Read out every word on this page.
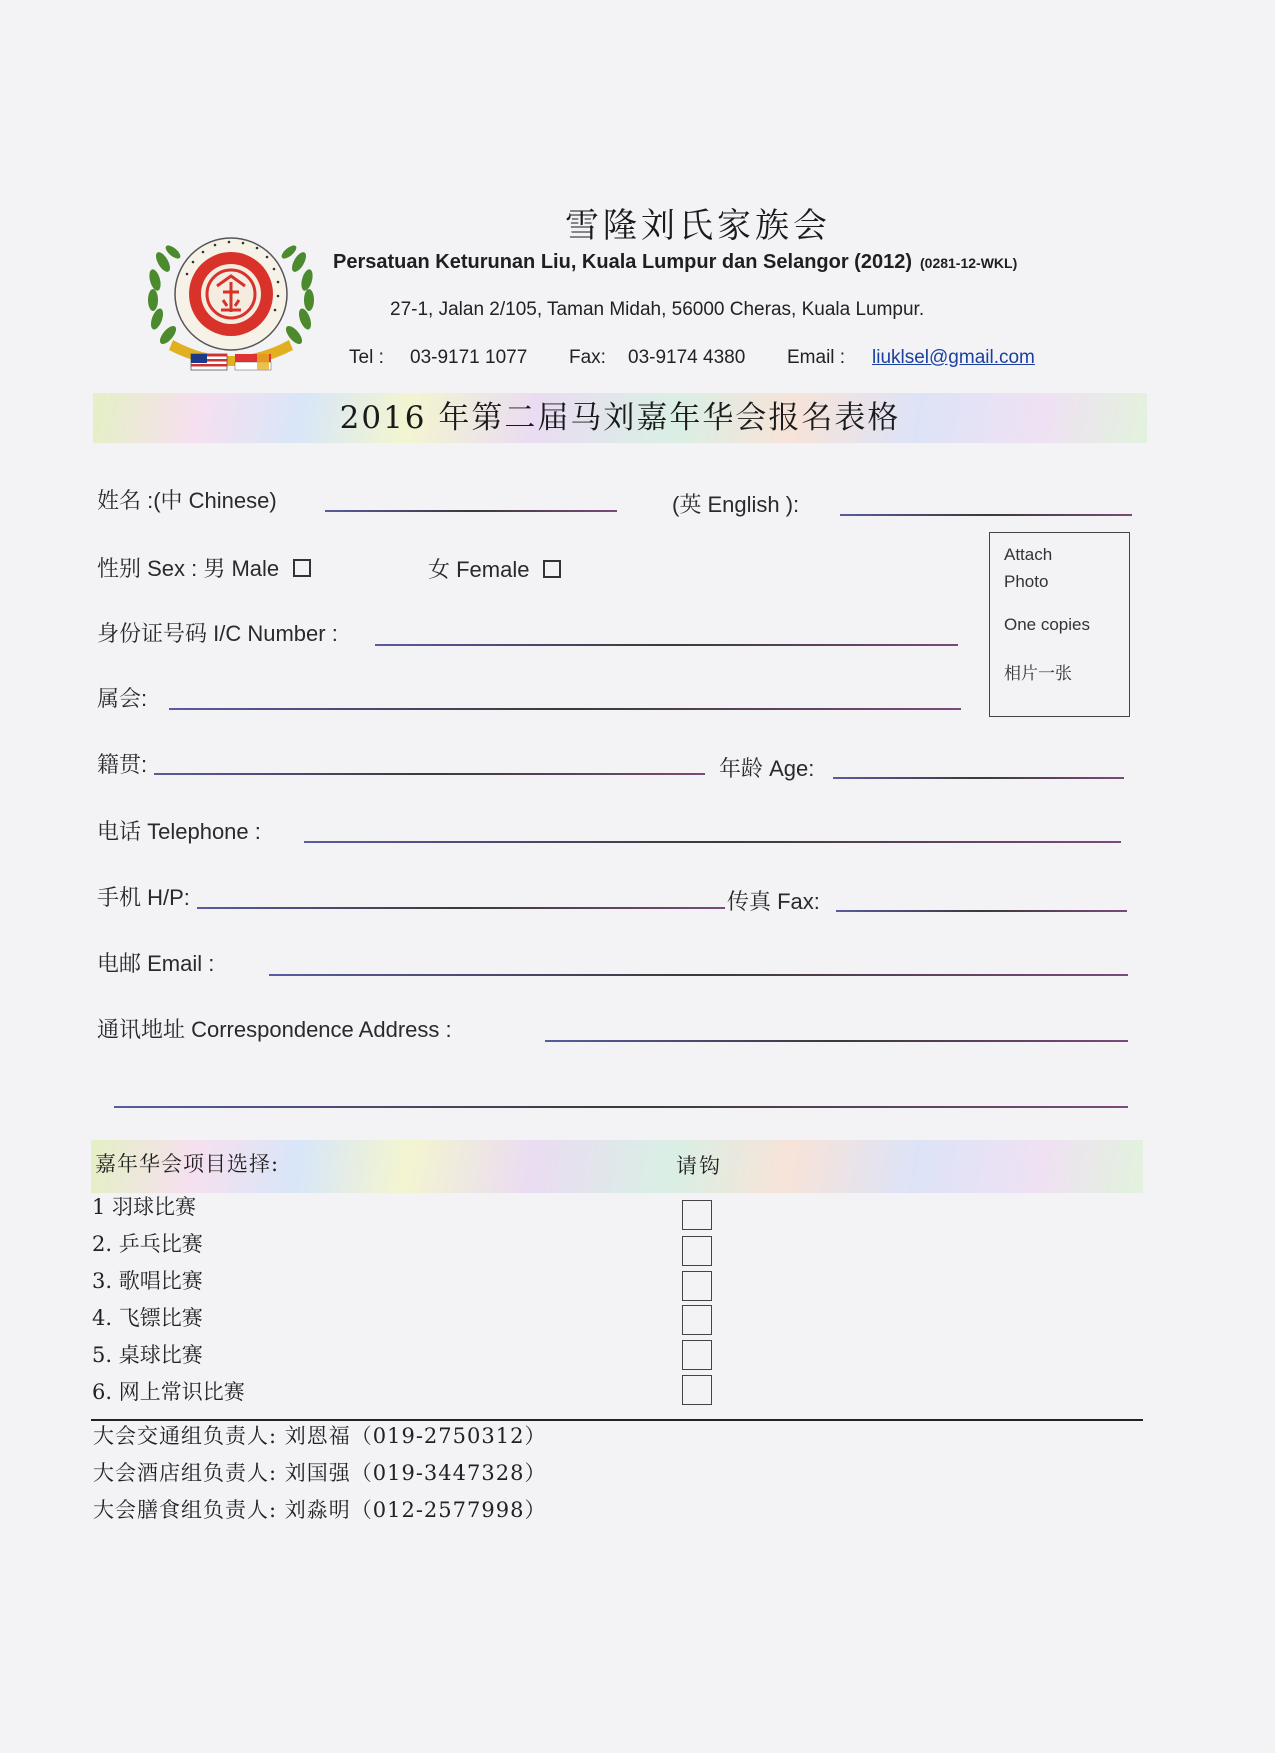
雪隆刘氏家族会
Persatuan Keturunan Liu, Kuala Lumpur dan Selangor (2012) (0281-12-WKL)
27-1, Jalan 2/105, Taman Midah, 56000 Cheras, Kuala Lumpur.
Tel : 03-9171 1077 Fax: 03-9174 4380 Email : liuklsel@gmail.com
2016 年第二届马刘嘉年华会报名表格
姓名 :(中 Chinese)	(英 English ):
性别 Sex : 男 Male	女 Female
Attach
Photo
One copies
相片一张
身份证号码 I/C Number :
属会:
籍贯:	年龄 Age:
电话 Telephone :
手机 H/P:	传真 Fax:
电邮 Email :
通讯地址 Correspondence Address :
嘉年华会项目选择:	请钩
1 羽球比赛
2. 乒乓比赛
3. 歌唱比赛
4. 飞镖比赛
5. 桌球比赛
6. 网上常识比赛
大会交通组负责人: 刘恩福（019-2750312）
大会酒店组负责人: 刘国强（019-3447328）
大会膳食组负责人: 刘淼明（012-2577998）
